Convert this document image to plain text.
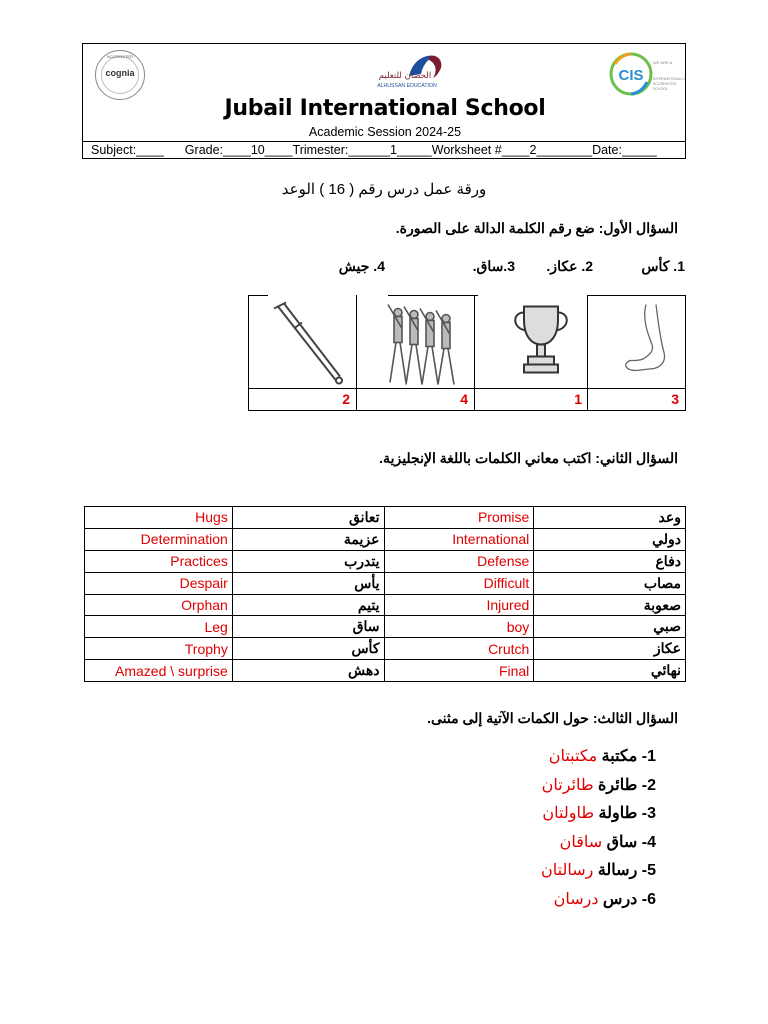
ACCREDITED
cognia	الحصان للتعليم
ALHUSSAN EDUCATION
CIS
WE ARE A
INTERNATIONALLY
ACCREDITED
SCHOOL
Jubail International School
Academic Session 2024-25
Subject:____      Grade:____10____Trimester:______1_____Worksheet #____2________Date:_____
ورقة عمل درس رقم ( 16 ) الوعد
السؤال الأول: ضع رقم الكلمة الدالة على الصورة.
1. كأس
2. عكاز.
3.ساق.
4. جيش
2	4	1	3
السؤال الثاني: اكتب معاني الكلمات باللغة الإنجليزية.
Hugs	تعانق	Promise	وعد
Determination	عزيمة	International	دولي
Practices	يتدرب	Defense	دفاع
Despair	يأس	Difficult	مصاب
Orphan	يتيم	Injured	صعوبة
Leg	ساق	boy	صبي
Trophy	كأس	Crutch	عكاز
Amazed \ surprise	دهش	Final	نهائي
السؤال الثالث: حول الكمات الآتية إلى مثنى.
1- مكتبة مكتبتان
2- طائرة طائرتان
3- طاولة طاولتان
4- ساق ساقان
5- رسالة رسالتان
6- درس درسان
